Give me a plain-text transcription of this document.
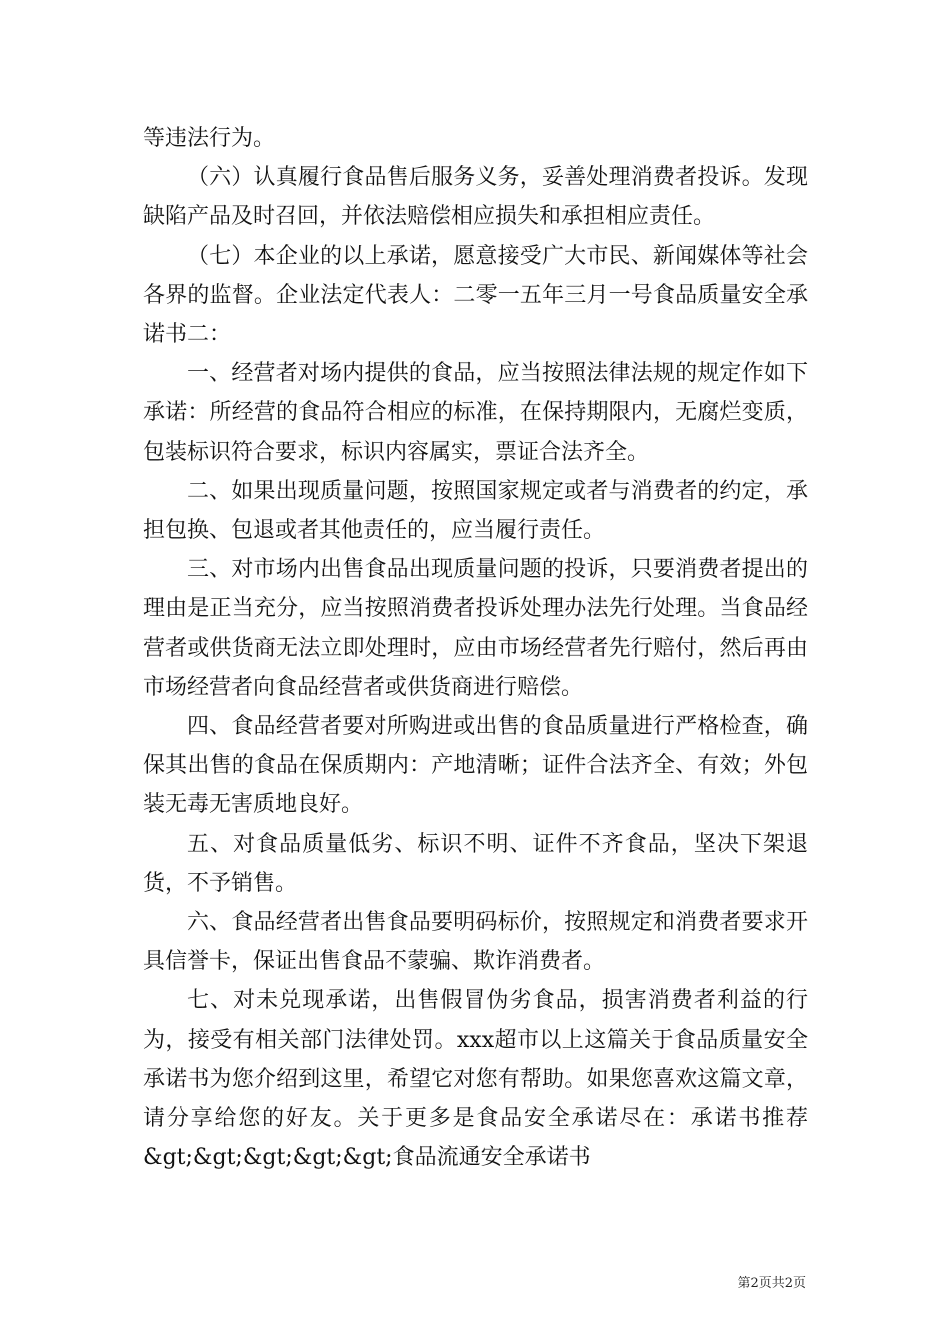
等违法行为。

（六）认真履行食品售后服务义务，妥善处理消费者投诉。发现缺陷产品及时召回，并依法赔偿相应损失和承担相应责任。

（七）本企业的以上承诺，愿意接受广大市民、新闻媒体等社会各界的监督。企业法定代表人：二零一五年三月一号食品质量安全承诺书二：

一、经营者对场内提供的食品，应当按照法律法规的规定作如下承诺：所经营的食品符合相应的标准，在保持期限内，无腐烂变质，包装标识符合要求，标识内容属实，票证合法齐全。

二、如果出现质量问题，按照国家规定或者与消费者的约定，承担包换、包退或者其他责任的，应当履行责任。

三、对市场内出售食品出现质量问题的投诉，只要消费者提出的理由是正当充分，应当按照消费者投诉处理办法先行处理。当食品经营者或供货商无法立即处理时，应由市场经营者先行赔付，然后再由市场经营者向食品经营者或供货商进行赔偿。

四、食品经营者要对所购进或出售的食品质量进行严格检查，确保其出售的食品在保质期内：产地清晰；证件合法齐全、有效；外包装无毒无害质地良好。

五、对食品质量低劣、标识不明、证件不齐食品，坚决下架退货，不予销售。

六、食品经营者出售食品要明码标价，按照规定和消费者要求开具信誉卡，保证出售食品不蒙骗、欺诈消费者。

七、对未兑现承诺，出售假冒伪劣食品，损害消费者利益的行为，接受有相关部门法律处罚。xxx超市以上这篇关于食品质量安全承诺书为您介绍到这里，希望它对您有帮助。如果您喜欢这篇文章，请分享给您的好友。关于更多是食品安全承诺尽在：承诺书推荐&gt;&gt;&gt;&gt;&gt;食品流通安全承诺书

第2页共2页
